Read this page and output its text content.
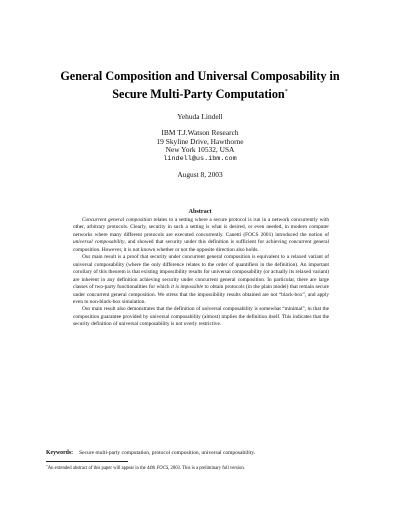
General Composition and Universal Composability in
Secure Multi-Party Computation*
Yehuda Lindell
IBM T.J.Watson Research
19 Skyline Drive, Hawthorne
New York 10532, USA
lindell@us.ibm.com
August 8, 2003
Abstract

Concurrent general composition relates to a setting where a secure protocol is run in a network concurrently with other, arbitrary protocols. Clearly, security in such a setting is what is desired, or even needed, in modern computer networks where many different protocols are executed concurrently. Canetti (FOCS 2001) introduced the notion of universal composability, and showed that security under this definition is sufficient for achieving concurrent general composition. However, it is not known whether or not the opposite direction also holds.

Our main result is a proof that security under concurrent general composition is equivalent to a relaxed variant of universal composability (where the only difference relates to the order of quantifiers in the definition). An important corollary of this theorem is that existing impossibility results for universal composability (or actually its relaxed variant) are inherent in any definition achieving security under concurrent general composition. In particular, there are large classes of two-party functionalities for which it is impossible to obtain protocols (in the plain model) that remain secure under concurrent general composition. We stress that the impossibility results obtained are not “black-box”, and apply even to non-black-box simulation.

Our main result also demonstrates that the definition of universal composability is somewhat “minimal”, in that the composition guarantee provided by universal composability (almost) implies the definition itself. This indicates that the security definition of universal composability is not overly restrictive.

Keywords: Secure multi-party computation, protocol composition, universal composability.
*An extended abstract of this paper will appear in the 44th FOCS, 2003. This is a preliminary full version.
